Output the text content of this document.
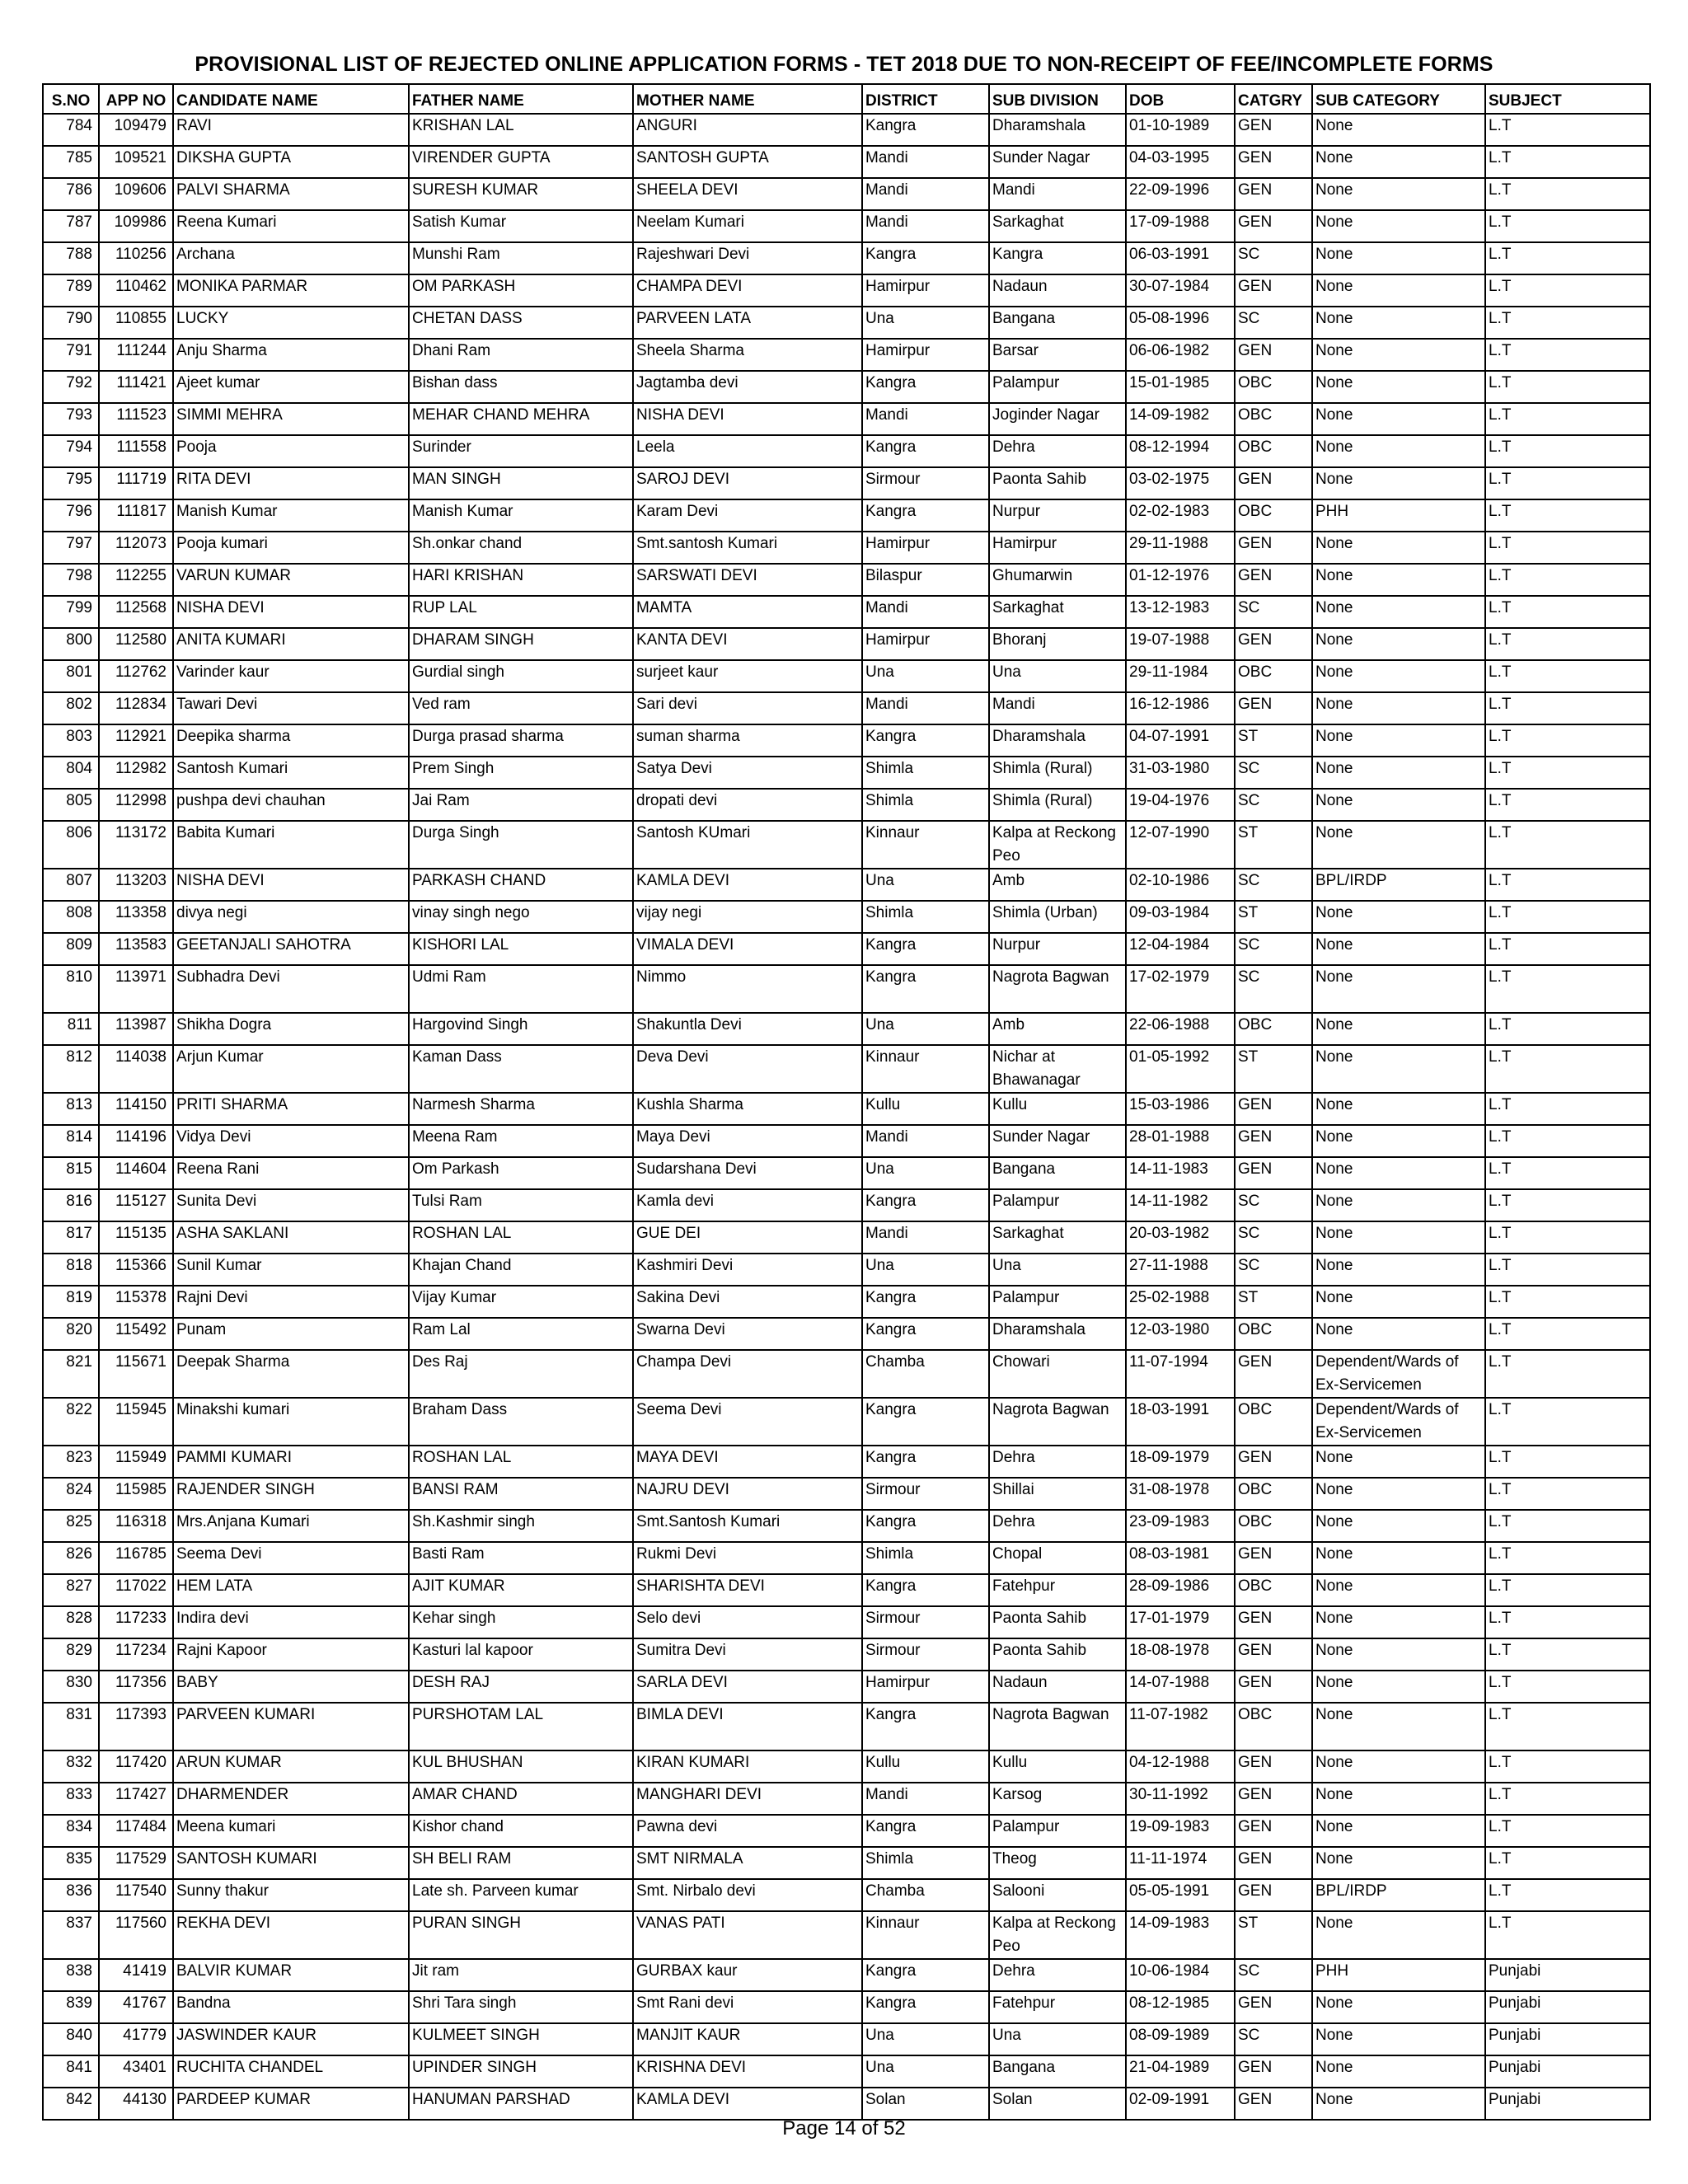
PROVISIONAL LIST OF REJECTED ONLINE APPLICATION FORMS - TET 2018 DUE TO NON-RECEIPT OF FEE/INCOMPLETE FORMS
S.NO	APP NO	CANDIDATE NAME	FATHER NAME	MOTHER NAME	DISTRICT	SUB DIVISION	DOB	CATGRY	SUB CATEGORY	SUBJECT
784	109479	RAVI	KRISHAN LAL	ANGURI	Kangra	Dharamshala	01-10-1989	GEN	None	L.T
785	109521	DIKSHA GUPTA	VIRENDER GUPTA	SANTOSH GUPTA	Mandi	Sunder Nagar	04-03-1995	GEN	None	L.T
786	109606	PALVI SHARMA	SURESH KUMAR	SHEELA DEVI	Mandi	Mandi	22-09-1996	GEN	None	L.T
787	109986	Reena Kumari	Satish Kumar	Neelam Kumari	Mandi	Sarkaghat	17-09-1988	GEN	None	L.T
788	110256	Archana	Munshi Ram	Rajeshwari Devi	Kangra	Kangra	06-03-1991	SC	None	L.T
789	110462	MONIKA PARMAR	OM PARKASH	CHAMPA DEVI	Hamirpur	Nadaun	30-07-1984	GEN	None	L.T
790	110855	LUCKY	CHETAN DASS	PARVEEN LATA	Una	Bangana	05-08-1996	SC	None	L.T
791	111244	Anju Sharma	Dhani Ram	Sheela Sharma	Hamirpur	Barsar	06-06-1982	GEN	None	L.T
792	111421	Ajeet kumar	Bishan dass	Jagtamba devi	Kangra	Palampur	15-01-1985	OBC	None	L.T
793	111523	SIMMI MEHRA	MEHAR CHAND MEHRA	NISHA DEVI	Mandi	Joginder Nagar	14-09-1982	OBC	None	L.T
794	111558	Pooja	Surinder	Leela	Kangra	Dehra	08-12-1994	OBC	None	L.T
795	111719	RITA DEVI	MAN SINGH	SAROJ DEVI	Sirmour	Paonta Sahib	03-02-1975	GEN	None	L.T
796	111817	Manish Kumar	Manish Kumar	Karam Devi	Kangra	Nurpur	02-02-1983	OBC	PHH	L.T
797	112073	Pooja kumari	Sh.onkar chand	Smt.santosh Kumari	Hamirpur	Hamirpur	29-11-1988	GEN	None	L.T
798	112255	VARUN KUMAR	HARI KRISHAN	SARSWATI DEVI	Bilaspur	Ghumarwin	01-12-1976	GEN	None	L.T
799	112568	NISHA DEVI	RUP LAL	MAMTA	Mandi	Sarkaghat	13-12-1983	SC	None	L.T
800	112580	ANITA KUMARI	DHARAM SINGH	KANTA DEVI	Hamirpur	Bhoranj	19-07-1988	GEN	None	L.T
801	112762	Varinder kaur	Gurdial singh	surjeet kaur	Una	Una	29-11-1984	OBC	None	L.T
802	112834	Tawari Devi	Ved ram	Sari devi	Mandi	Mandi	16-12-1986	GEN	None	L.T
803	112921	Deepika sharma	Durga prasad sharma	suman sharma	Kangra	Dharamshala	04-07-1991	ST	None	L.T
804	112982	Santosh Kumari	Prem Singh	Satya Devi	Shimla	Shimla (Rural)	31-03-1980	SC	None	L.T
805	112998	pushpa devi chauhan	Jai Ram	dropati devi	Shimla	Shimla (Rural)	19-04-1976	SC	None	L.T
806	113172	Babita Kumari	Durga Singh	Santosh KUmari	Kinnaur	Kalpa at Reckong Peo	12-07-1990	ST	None	L.T
807	113203	NISHA DEVI	PARKASH CHAND	KAMLA DEVI	Una	Amb	02-10-1986	SC	BPL/IRDP	L.T
808	113358	divya negi	vinay singh nego	vijay negi	Shimla	Shimla (Urban)	09-03-1984	ST	None	L.T
809	113583	GEETANJALI SAHOTRA	KISHORI LAL	VIMALA DEVI	Kangra	Nurpur	12-04-1984	SC	None	L.T
810	113971	Subhadra Devi	Udmi Ram	Nimmo	Kangra	Nagrota Bagwan	17-02-1979	SC	None	L.T
811	113987	Shikha Dogra	Hargovind Singh	Shakuntla Devi	Una	Amb	22-06-1988	OBC	None	L.T
812	114038	Arjun Kumar	Kaman Dass	Deva Devi	Kinnaur	Nichar at Bhawanagar	01-05-1992	ST	None	L.T
813	114150	PRITI SHARMA	Narmesh Sharma	Kushla Sharma	Kullu	Kullu	15-03-1986	GEN	None	L.T
814	114196	Vidya Devi	Meena Ram	Maya Devi	Mandi	Sunder Nagar	28-01-1988	GEN	None	L.T
815	114604	Reena Rani	Om Parkash	Sudarshana Devi	Una	Bangana	14-11-1983	GEN	None	L.T
816	115127	Sunita Devi	Tulsi Ram	Kamla devi	Kangra	Palampur	14-11-1982	SC	None	L.T
817	115135	ASHA SAKLANI	ROSHAN LAL	GUE DEI	Mandi	Sarkaghat	20-03-1982	SC	None	L.T
818	115366	Sunil Kumar	Khajan Chand	Kashmiri Devi	Una	Una	27-11-1988	SC	None	L.T
819	115378	Rajni Devi	Vijay Kumar	Sakina Devi	Kangra	Palampur	25-02-1988	ST	None	L.T
820	115492	Punam	Ram Lal	Swarna Devi	Kangra	Dharamshala	12-03-1980	OBC	None	L.T
821	115671	Deepak Sharma	Des Raj	Champa Devi	Chamba	Chowari	11-07-1994	GEN	Dependent/Wards of Ex-Servicemen	L.T
822	115945	Minakshi kumari	Braham Dass	Seema Devi	Kangra	Nagrota Bagwan	18-03-1991	OBC	Dependent/Wards of Ex-Servicemen	L.T
823	115949	PAMMI KUMARI	ROSHAN LAL	MAYA DEVI	Kangra	Dehra	18-09-1979	GEN	None	L.T
824	115985	RAJENDER SINGH	BANSI RAM	NAJRU DEVI	Sirmour	Shillai	31-08-1978	OBC	None	L.T
825	116318	Mrs.Anjana Kumari	Sh.Kashmir singh	Smt.Santosh Kumari	Kangra	Dehra	23-09-1983	OBC	None	L.T
826	116785	Seema Devi	Basti Ram	Rukmi Devi	Shimla	Chopal	08-03-1981	GEN	None	L.T
827	117022	HEM LATA	AJIT KUMAR	SHARISHTA DEVI	Kangra	Fatehpur	28-09-1986	OBC	None	L.T
828	117233	Indira devi	Kehar singh	Selo devi	Sirmour	Paonta Sahib	17-01-1979	GEN	None	L.T
829	117234	Rajni Kapoor	Kasturi lal kapoor	Sumitra Devi	Sirmour	Paonta Sahib	18-08-1978	GEN	None	L.T
830	117356	BABY	DESH RAJ	SARLA DEVI	Hamirpur	Nadaun	14-07-1988	GEN	None	L.T
831	117393	PARVEEN KUMARI	PURSHOTAM LAL	BIMLA DEVI	Kangra	Nagrota Bagwan	11-07-1982	OBC	None	L.T
832	117420	ARUN KUMAR	KUL BHUSHAN	KIRAN KUMARI	Kullu	Kullu	04-12-1988	GEN	None	L.T
833	117427	DHARMENDER	AMAR CHAND	MANGHARI DEVI	Mandi	Karsog	30-11-1992	GEN	None	L.T
834	117484	Meena kumari	Kishor chand	Pawna devi	Kangra	Palampur	19-09-1983	GEN	None	L.T
835	117529	SANTOSH KUMARI	SH BELI RAM	SMT NIRMALA	Shimla	Theog	11-11-1974	GEN	None	L.T
836	117540	Sunny thakur	Late sh. Parveen kumar	Smt. Nirbalo devi	Chamba	Salooni	05-05-1991	GEN	BPL/IRDP	L.T
837	117560	REKHA DEVI	PURAN SINGH	VANAS PATI	Kinnaur	Kalpa at Reckong Peo	14-09-1983	ST	None	L.T
838	41419	BALVIR KUMAR	Jit ram	GURBAX kaur	Kangra	Dehra	10-06-1984	SC	PHH	Punjabi
839	41767	Bandna	Shri Tara singh	Smt Rani devi	Kangra	Fatehpur	08-12-1985	GEN	None	Punjabi
840	41779	JASWINDER KAUR	KULMEET SINGH	MANJIT KAUR	Una	Una	08-09-1989	SC	None	Punjabi
841	43401	RUCHITA CHANDEL	UPINDER SINGH	KRISHNA DEVI	Una	Bangana	21-04-1989	GEN	None	Punjabi
842	44130	PARDEEP KUMAR	HANUMAN PARSHAD	KAMLA DEVI	Solan	Solan	02-09-1991	GEN	None	Punjabi
Page 14 of 52
